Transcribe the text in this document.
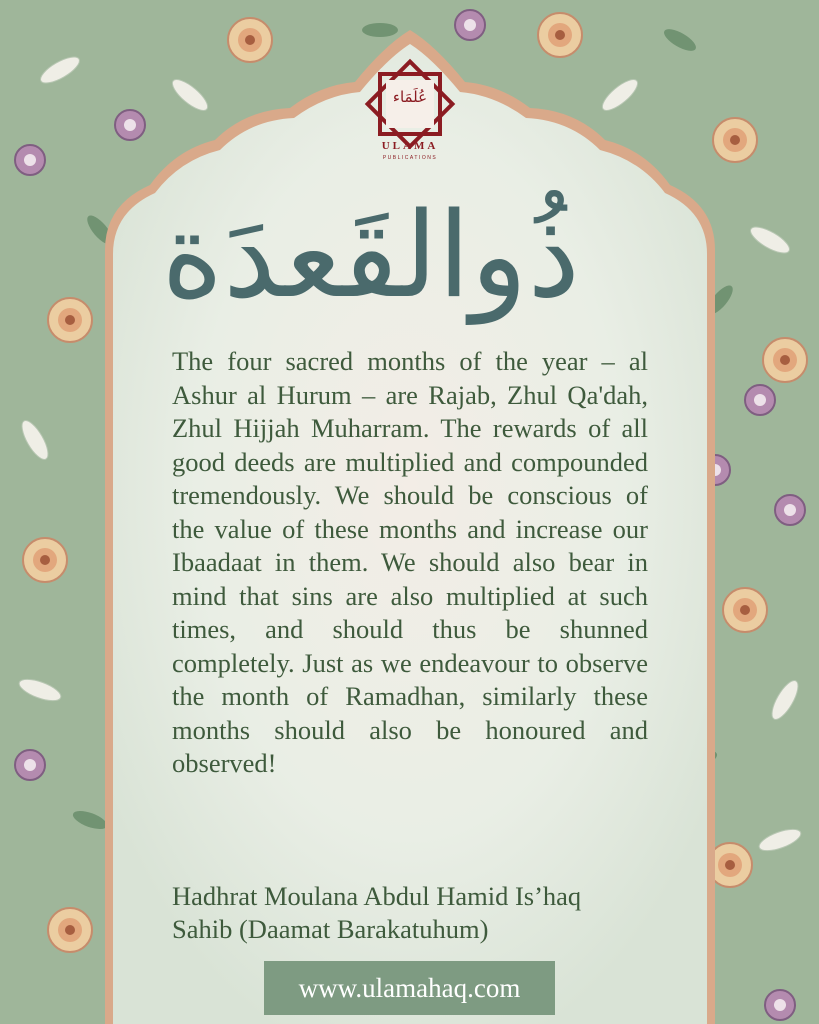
عُلَمَاء
ULAMA
PUBLICATIONS
ذُوالقَعدَة

The four sacred months of the year – al Ashur al Hurum – are Rajab, Zhul Qa'dah, Zhul Hijjah Muharram. The rewards of all good deeds are multiplied and compounded tremendously. We should be conscious of the value of these months and increase our Ibaadaat in them. We should also bear in mind that sins are also multiplied at such times, and should thus be shunned completely. Just as we endeavour to observe the month of Ramadhan, similarly these months should also be honoured and observed!

Hadhrat Moulana Abdul Hamid Is’haq Sahib (Daamat Barakatuhum)

www.ulamahaq.com
